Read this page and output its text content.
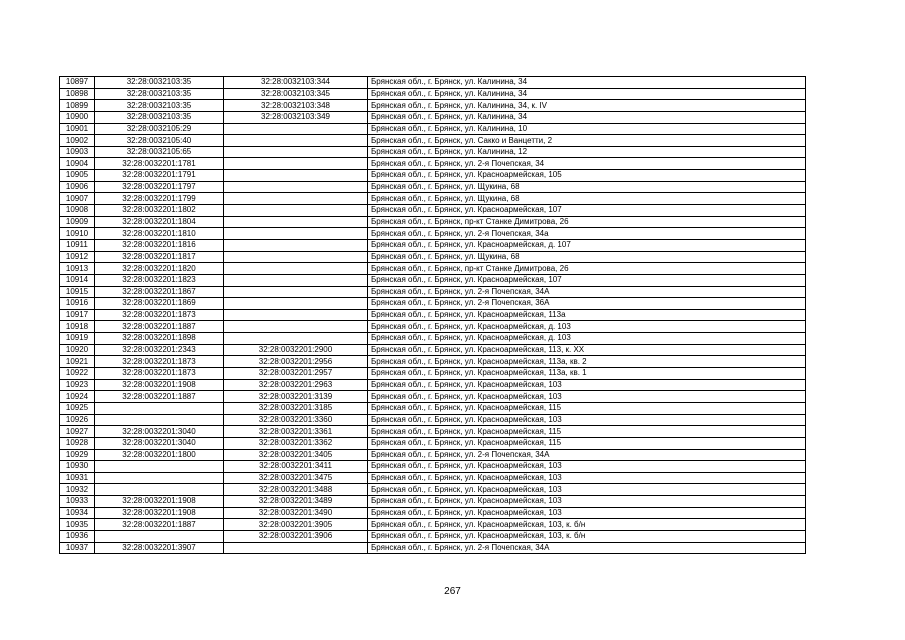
10897	32:28:0032103:35	32:28:0032103:344	Брянская обл., г. Брянск, ул. Калинина, 34
10898	32:28:0032103:35	32:28:0032103:345	Брянская обл., г. Брянск, ул. Калинина, 34
10899	32:28:0032103:35	32:28:0032103:348	Брянская обл., г. Брянск, ул. Калинина, 34, к. IV
10900	32:28:0032103:35	32:28:0032103:349	Брянская обл., г. Брянск, ул. Калинина, 34
10901	32:28:0032105:29		Брянская обл., г. Брянск, ул. Калинина, 10
10902	32:28:0032105:40		Брянская обл., г. Брянск, ул. Сакко и Ванцетти, 2
10903	32:28:0032105:65		Брянская обл., г. Брянск, ул. Калинина, 12
10904	32:28:0032201:1781		Брянская обл., г. Брянск, ул. 2-я Почепская, 34
10905	32:28:0032201:1791		Брянская обл., г. Брянск, ул. Красноармейская, 105
10906	32:28:0032201:1797		Брянская обл., г. Брянск, ул. Щукина, 68
10907	32:28:0032201:1799		Брянская обл., г. Брянск, ул. Щукина, 68
10908	32:28:0032201:1802		Брянская обл., г. Брянск, ул. Красноармейская, 107
10909	32:28:0032201:1804		Брянская обл., г. Брянск, пр-кт Станке Димитрова, 26
10910	32:28:0032201:1810		Брянская обл., г. Брянск, ул. 2-я Почепская, 34а
10911	32:28:0032201:1816		Брянская обл., г. Брянск, ул. Красноармейская, д. 107
10912	32:28:0032201:1817		Брянская обл., г. Брянск, ул. Щукина, 68
10913	32:28:0032201:1820		Брянская обл., г. Брянск, пр-кт Станке Димитрова, 26
10914	32:28:0032201:1823		Брянская обл., г. Брянск, ул. Красноармейская, 107
10915	32:28:0032201:1867		Брянская обл., г. Брянск, ул. 2-я Почепская, 34А
10916	32:28:0032201:1869		Брянская обл., г. Брянск, ул. 2-я Почепская, 36А
10917	32:28:0032201:1873		Брянская обл., г. Брянск, ул. Красноармейская, 113а
10918	32:28:0032201:1887		Брянская обл., г. Брянск, ул. Красноармейская, д. 103
10919	32:28:0032201:1898		Брянская обл., г. Брянск, ул. Красноармейская, д. 103
10920	32:28:0032201:2343	32:28:0032201:2900	Брянская обл., г. Брянск, ул. Красноармейская, 113, к. XX
10921	32:28:0032201:1873	32:28:0032201:2956	Брянская обл., г. Брянск, ул. Красноармейская, 113а, кв. 2
10922	32:28:0032201:1873	32:28:0032201:2957	Брянская обл., г. Брянск, ул. Красноармейская, 113а, кв. 1
10923	32:28:0032201:1908	32:28:0032201:2963	Брянская обл., г. Брянск, ул. Красноармейская, 103
10924	32:28:0032201:1887	32:28:0032201:3139	Брянская обл., г. Брянск, ул. Красноармейская, 103
10925		32:28:0032201:3185	Брянская обл., г. Брянск, ул. Красноармейская, 115
10926		32:28:0032201:3360	Брянская обл., г. Брянск, ул. Красноармейская, 103
10927	32:28:0032201:3040	32:28:0032201:3361	Брянская обл., г. Брянск, ул. Красноармейская, 115
10928	32:28:0032201:3040	32:28:0032201:3362	Брянская обл., г. Брянск, ул. Красноармейская, 115
10929	32:28:0032201:1800	32:28:0032201:3405	Брянская обл., г. Брянск, ул. 2-я Почепская, 34А
10930		32:28:0032201:3411	Брянская обл., г. Брянск, ул. Красноармейская, 103
10931		32:28:0032201:3475	Брянская обл., г. Брянск, ул. Красноармейская, 103
10932		32:28:0032201:3488	Брянская обл., г. Брянск, ул. Красноармейская, 103
10933	32:28:0032201:1908	32:28:0032201:3489	Брянская обл., г. Брянск, ул. Красноармейская, 103
10934	32:28:0032201:1908	32:28:0032201:3490	Брянская обл., г. Брянск, ул. Красноармейская, 103
10935	32:28:0032201:1887	32:28:0032201:3905	Брянская обл., г. Брянск, ул. Красноармейская, 103, к. б/н
10936		32:28:0032201:3906	Брянская обл., г. Брянск, ул. Красноармейская, 103, к. б/н
10937	32:28:0032201:3907		Брянская обл., г. Брянск, ул. 2-я Почепская, 34А
267
